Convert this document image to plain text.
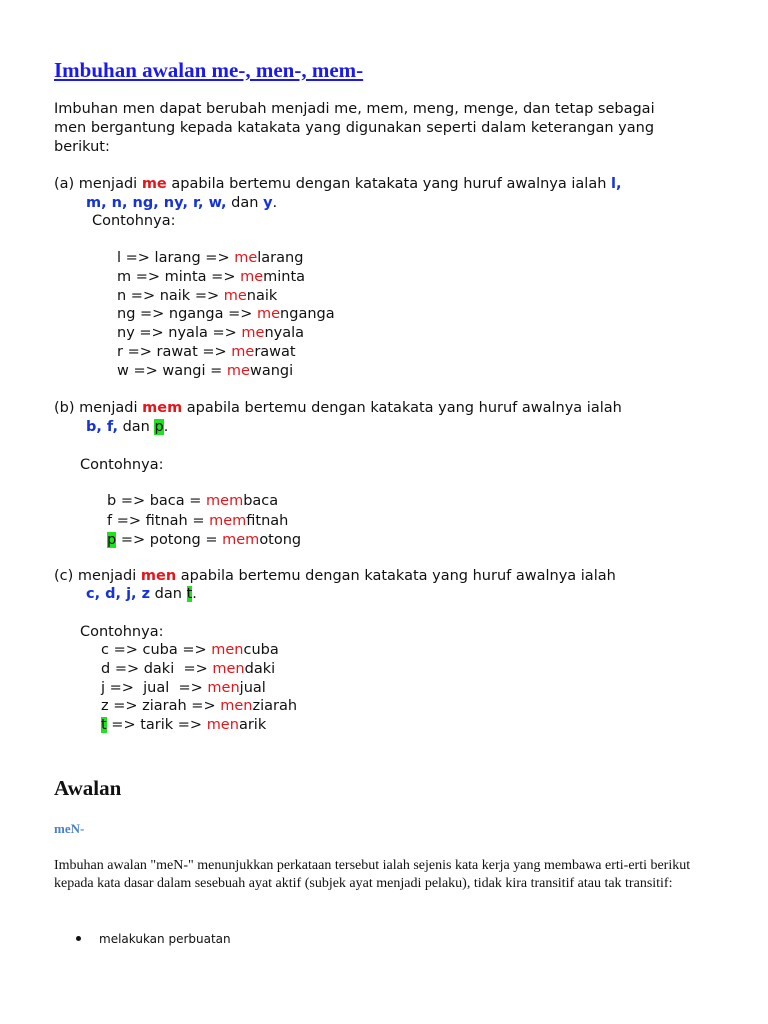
Imbuhan awalan me-, men-, mem-
Imbuhan men dapat berubah menjadi me, mem, meng, menge, dan tetap sebagai
men bergantung kepada katakata yang digunakan seperti dalam keterangan yang
berikut:
(a) menjadi me apabila bertemu dengan katakata yang huruf awalnya ialah l,
m, n, ng, ny, r, w, dan y.
Contohnya:
l => larang => melarang
m => minta => meminta
n => naik => menaik
ng => nganga => menganga
ny => nyala => menyala
r => rawat => merawat
w => wangi = mewangi
(b) menjadi mem apabila bertemu dengan katakata yang huruf awalnya ialah
b, f, dan p.
Contohnya:
b => baca = membaca
f => fitnah = memfitnah
p => potong = memotong
(c) menjadi men apabila bertemu dengan katakata yang huruf awalnya ialah
c, d, j, z dan t.
Contohnya:
c => cuba => mencuba
d => daki  => mendaki
j =>  jual  => menjual
z => ziarah => menziarah
t => tarik => menarik
Awalan
meN-
Imbuhan awalan "meN-" menunjukkan perkataan tersebut ialah sejenis kata kerja yang membawa erti-erti berikut kepada kata dasar dalam sesebuah ayat aktif (subjek ayat menjadi pelaku), tidak kira transitif atau tak transitif:
melakukan perbuatan
